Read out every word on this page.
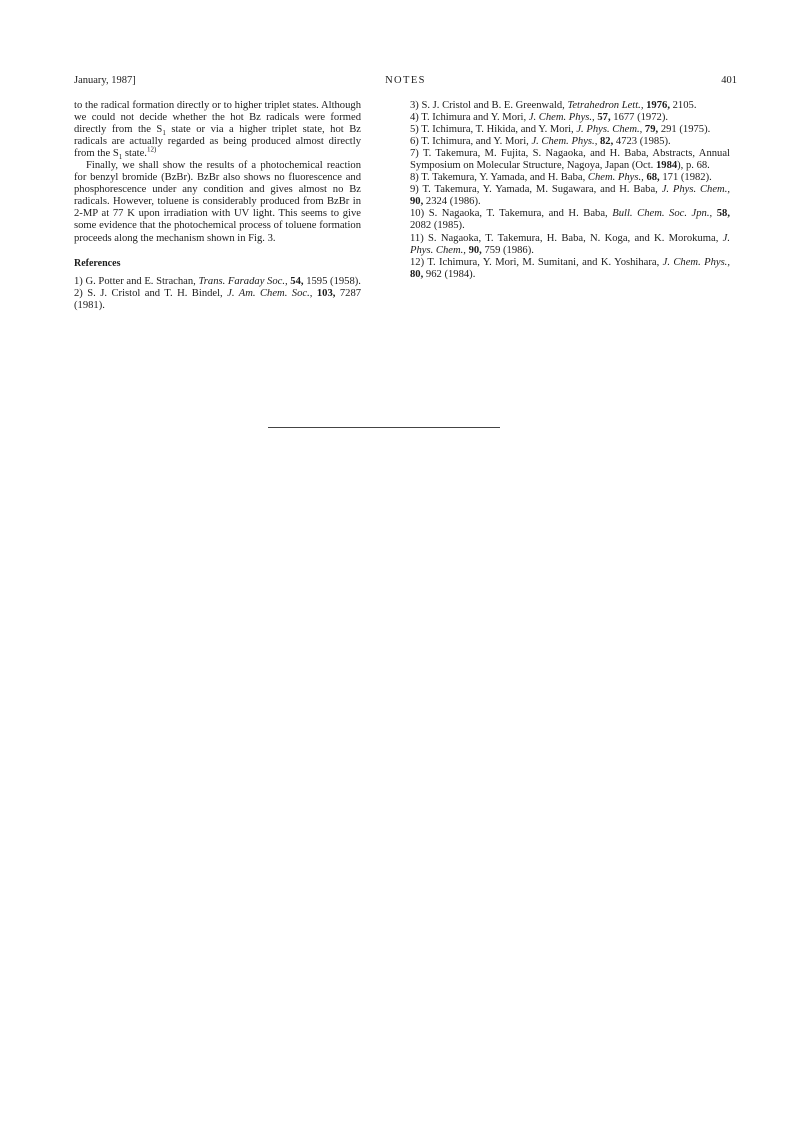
January, 1987]	NOTES	401

to the radical formation directly or to higher triplet states. Although we could not decide whether the hot Bz radicals were formed directly from the $S_1$ state or via a higher triplet state, hot Bz radicals are actually regarded as being produced almost directly from the $S_1$ state.$^{12)}$

Finally, we shall show the results of a photochemical reaction for benzyl bromide (BzBr). BzBr also shows no fluorescence and phosphorescence under any condition and gives almost no Bz radicals. However, toluene is considerably produced from BzBr in 2-MP at 77 K upon irradiation with UV light. This seems to give some evidence that the photochemical process of toluene formation proceeds along the mechanism shown in Fig. 3.

References

1) G. Potter and E. Strachan, Trans. Faraday Soc., 54, 1595 (1958).

2) S. J. Cristol and T. H. Bindel, J. Am. Chem. Soc., 103, 7287 (1981).

3) S. J. Cristol and B. E. Greenwald, Tetrahedron Lett., 1976, 2105.

4) T. Ichimura and Y. Mori, J. Chem. Phys., 57, 1677 (1972).

5) T. Ichimura, T. Hikida, and Y. Mori, J. Phys. Chem., 79, 291 (1975).

6) T. Ichimura, and Y. Mori, J. Chem. Phys., 82, 4723 (1985).

7) T. Takemura, M. Fujita, S. Nagaoka, and H. Baba, Abstracts, Annual Symposium on Molecular Structure, Nagoya, Japan (Oct. 1984), p. 68.

8) T. Takemura, Y. Yamada, and H. Baba, Chem. Phys., 68, 171 (1982).

9) T. Takemura, Y. Yamada, M. Sugawara, and H. Baba, J. Phys. Chem., 90, 2324 (1986).

10) S. Nagaoka, T. Takemura, and H. Baba, Bull. Chem. Soc. Jpn., 58, 2082 (1985).

11) S. Nagaoka, T. Takemura, H. Baba, N. Koga, and K. Morokuma, J. Phys. Chem., 90, 759 (1986).

12) T. Ichimura, Y. Mori, M. Sumitani, and K. Yoshihara, J. Chem. Phys., 80, 962 (1984).
